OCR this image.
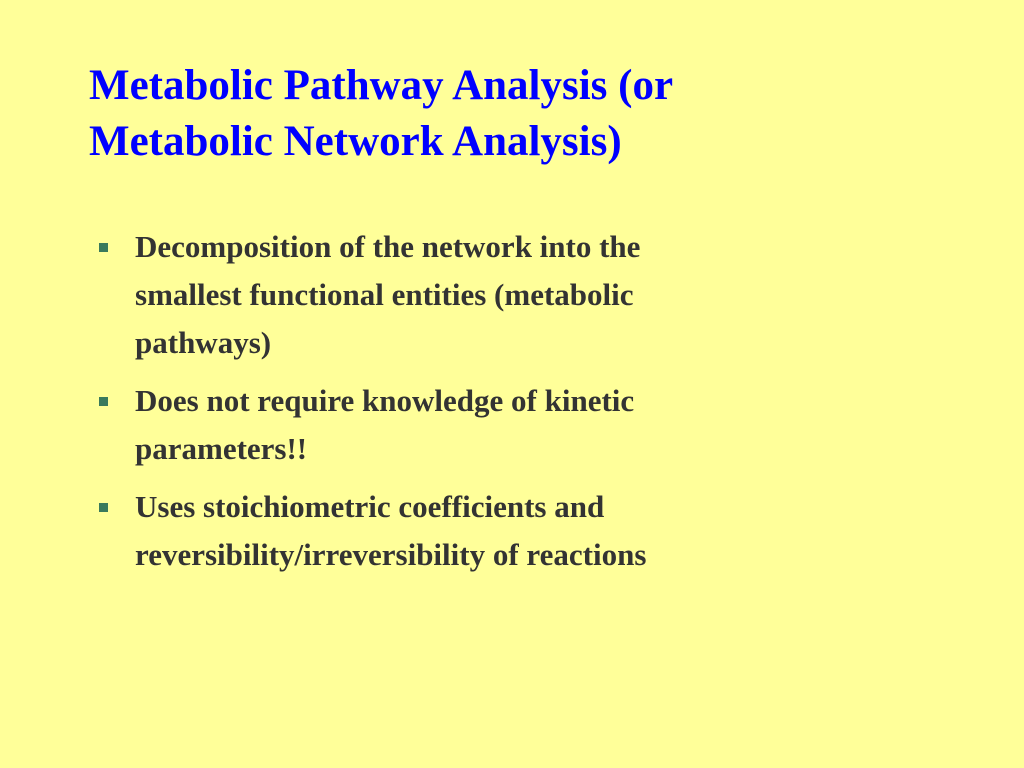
Metabolic Pathway Analysis (or
Metabolic Network Analysis)
Decomposition of the network into the
smallest functional entities (metabolic
pathways)
Does not require knowledge of kinetic
parameters!!
Uses stoichiometric coefficients and
reversibility/irreversibility of reactions
